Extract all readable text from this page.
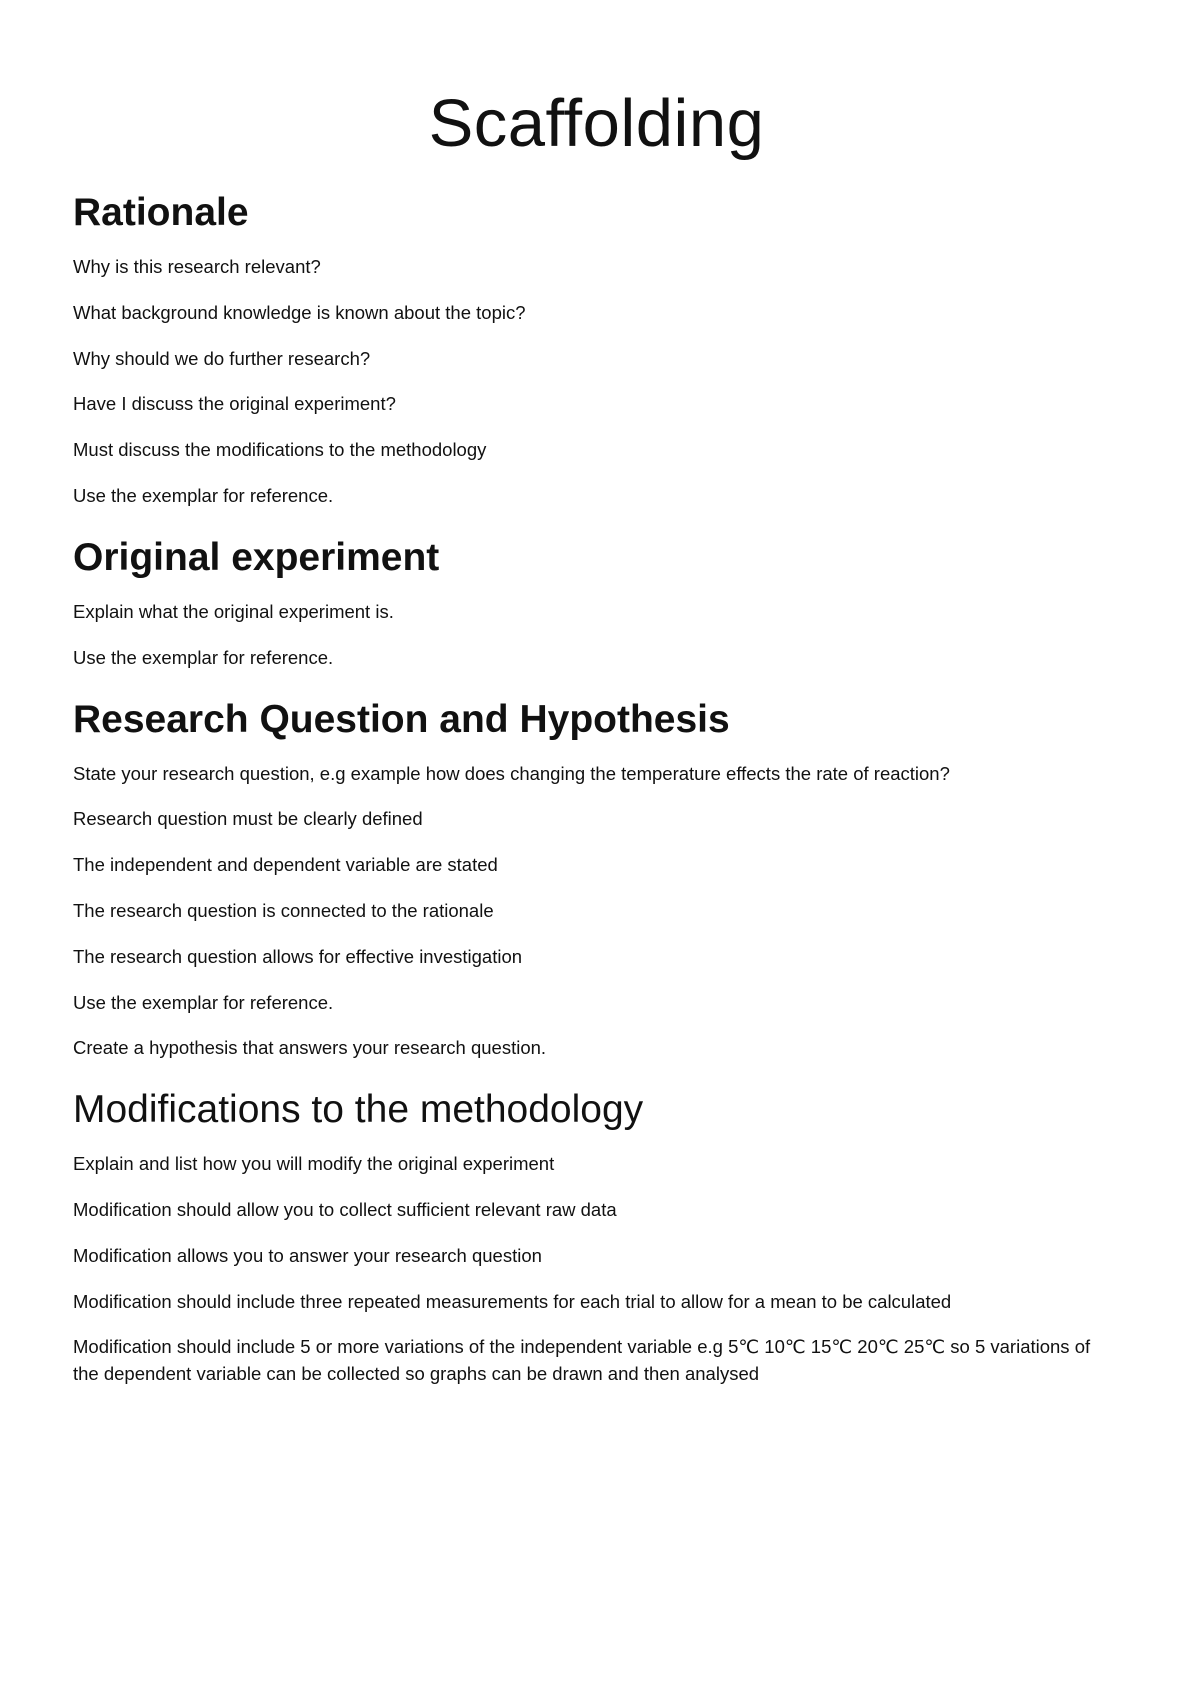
Scaffolding
Rationale

Why is this research relevant?

What background knowledge is known about the topic?

Why should we do further research?

Have I discuss the original experiment?

Must discuss the modifications to the methodology

Use the exemplar for reference.

Original experiment

Explain what the original experiment is.

Use the exemplar for reference.

Research Question and Hypothesis

State your research question, e.g example how does changing the temperature effects the rate of reaction?

Research question must be clearly defined

The independent and dependent variable are stated

The research question is connected to the rationale

The research question allows for effective investigation

Use the exemplar for reference.

Create a hypothesis that answers your research question.

Modifications to the methodology

Explain and list how you will modify the original experiment

Modification should allow you to collect sufficient relevant raw data

Modification allows you to answer your research question

Modification should include three repeated measurements for each trial to allow for a mean to be calculated

Modification should include 5 or more variations of the independent variable e.g 5℃ 10℃ 15℃ 20℃ 25℃ so 5 variations of the dependent variable can be collected so graphs can be drawn and then analysed
